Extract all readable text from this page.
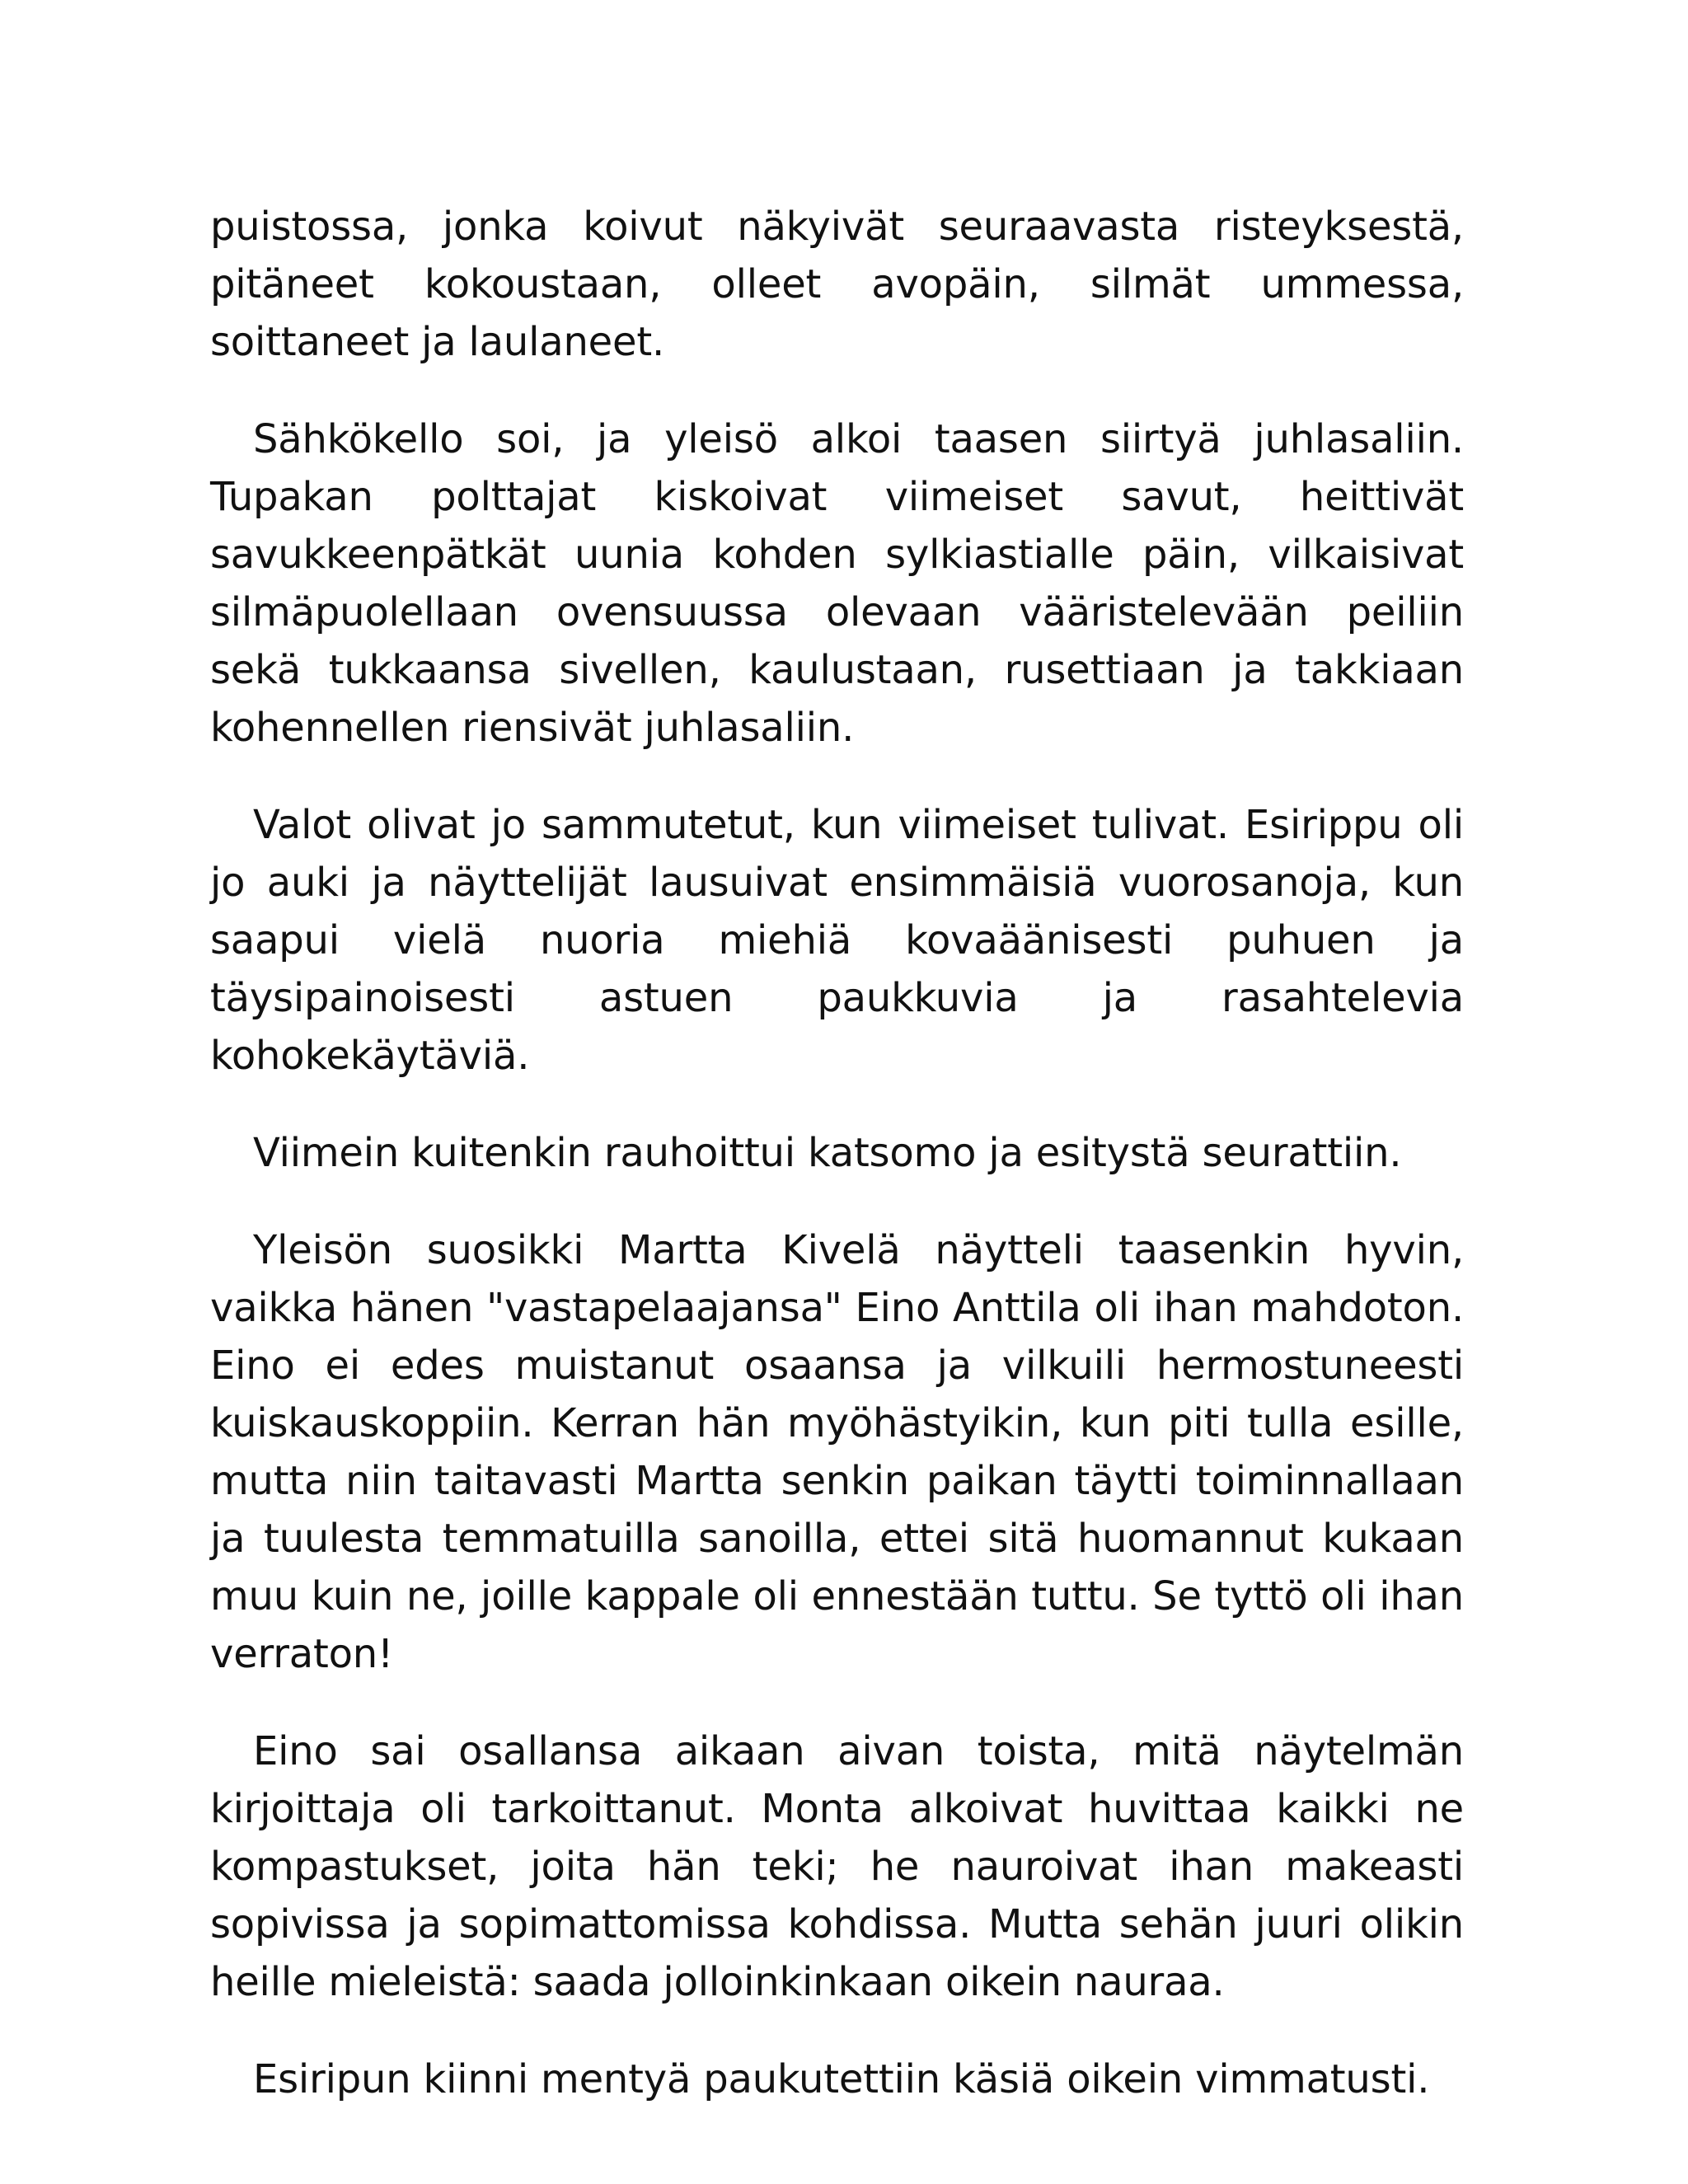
puistossa, jonka koivut näkyivät seuraavasta risteyksestä, pitäneet kokoustaan, olleet avopäin, silmät ummessa, soittaneet ja laulaneet.

Sähkökello soi, ja yleisö alkoi taasen siirtyä juhlasaliin. Tupakan polttajat kiskoivat viimeiset savut, heittivät savukkeenpätkät uunia kohden sylkiastialle päin, vilkaisivat silmäpuolellaan ovensuussa olevaan vääristelevään peiliin sekä tukkaansa sivellen, kaulustaan, rusettiaan ja takkiaan kohennellen riensivät juhlasaliin.

Valot olivat jo sammutetut, kun viimeiset tulivat. Esirippu oli jo auki ja näyttelijät lausuivat ensimmäisiä vuorosanoja, kun saapui vielä nuoria miehiä kovaäänisesti puhuen ja täysipainoisesti astuen paukkuvia ja rasahtelevia kohokekäytäviä.

Viimein kuitenkin rauhoittui katsomo ja esitystä seurattiin.

Yleisön suosikki Martta Kivelä näytteli taasenkin hyvin, vaikka hänen "vastapelaajansa" Eino Anttila oli ihan mahdoton. Eino ei edes muistanut osaansa ja vilkuili hermostuneesti kuiskauskoppiin. Kerran hän myöhästyikin, kun piti tulla esille, mutta niin taitavasti Martta senkin paikan täytti toiminnallaan ja tuulesta temmatuilla sanoilla, ettei sitä huomannut kukaan muu kuin ne, joille kappale oli ennestään tuttu. Se tyttö oli ihan verraton!

Eino sai osallansa aikaan aivan toista, mitä näytelmän kirjoittaja oli tarkoittanut. Monta alkoivat huvittaa kaikki ne kompastukset, joita hän teki; he nauroivat ihan makeasti sopivissa ja sopimattomissa kohdissa. Mutta sehän juuri olikin heille mieleistä: saada jolloinkinkaan oikein nauraa.

Esiripun kiinni mentyä paukutettiin käsiä oikein vimmatusti.
